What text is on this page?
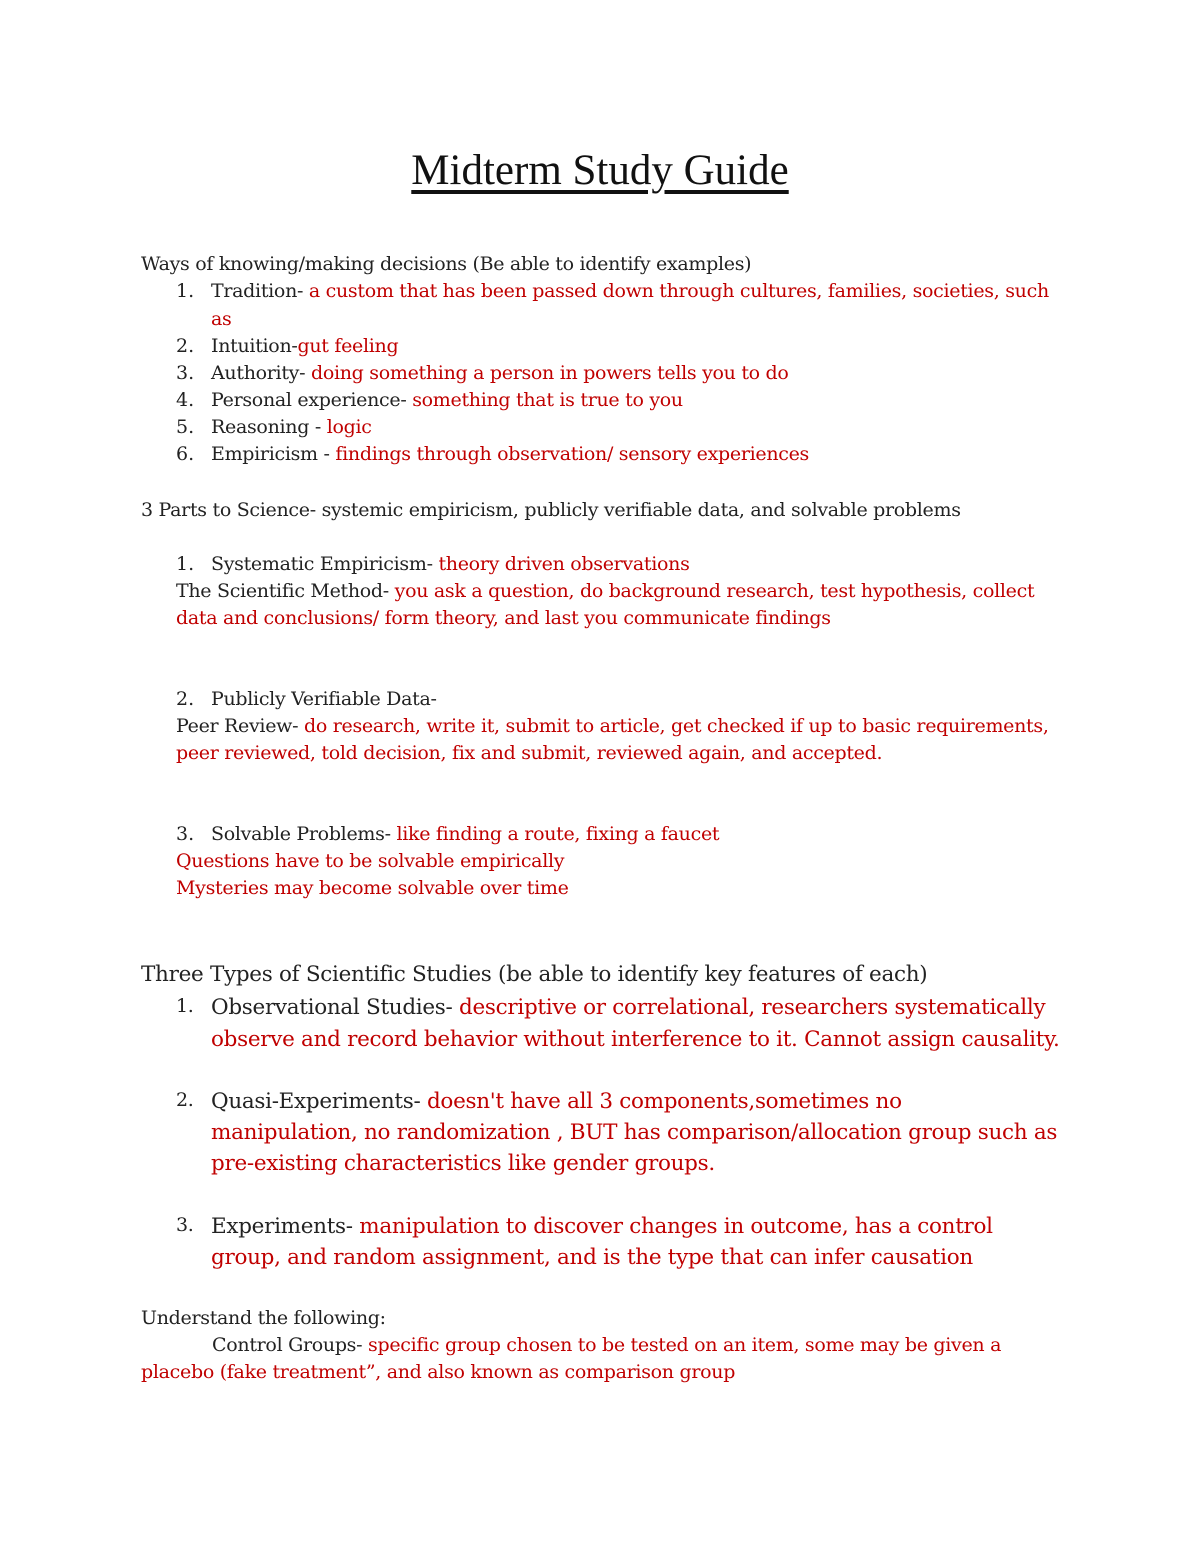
Midterm Study Guide
Ways of knowing/making decisions (Be able to identify examples)
1. Tradition- a custom that has been passed down through cultures, families, societies, such
as
2. Intuition-gut feeling
3. Authority- doing something a person in powers tells you to do
4. Personal experience- something that is true to you
5. Reasoning - logic
6. Empiricism - findings through observation/ sensory experiences
3 Parts to Science- systemic empiricism, publicly verifiable data, and solvable problems
1. Systematic Empiricism- theory driven observations
The Scientific Method- you ask a question, do background research, test hypothesis, collect
data and conclusions/ form theory, and last you communicate findings
2. Publicly Verifiable Data-
Peer Review- do research, write it, submit to article, get checked if up to basic requirements,
peer reviewed, told decision, fix and submit, reviewed again, and accepted.
3. Solvable Problems- like finding a route, fixing a faucet
Questions have to be solvable empirically
Mysteries may become solvable over time
Three Types of Scientific Studies (be able to identify key features of each)
1. Observational Studies- descriptive or correlational, researchers systematically
observe and record behavior without interference to it. Cannot assign causality.
2. Quasi-Experiments- doesn't have all 3 components,sometimes no
manipulation, no randomization , BUT has comparison/allocation group such as
pre-existing characteristics like gender groups.
3. Experiments- manipulation to discover changes in outcome, has a control
group, and random assignment, and is the type that can infer causation
Understand the following:
Control Groups- specific group chosen to be tested on an item, some may be given a
placebo (fake treatment”, and also known as comparison group
